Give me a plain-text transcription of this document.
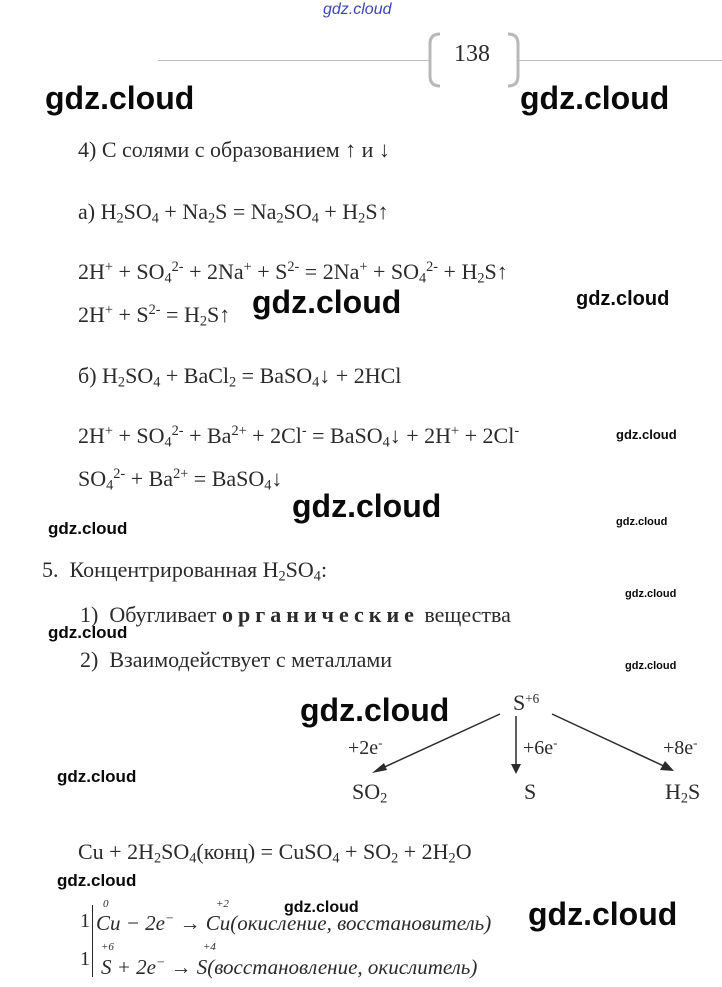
gdz.cloud
gdz.cloud	gdz.cloud
gdz.cloud	gdz.cloud
gdz.cloud
gdz.cloud
gdz.cloud	gdz.cloud
gdz.cloud
gdz.cloud
gdz.cloud
gdz.cloud
gdz.cloud
gdz.cloud
gdz.cloud	gdz.cloud
138
4) С солями с образованием ↑ и ↓
а) $H_2SO_4 + Na_2S = Na_2SO_4$ + $H_2S↑$
$2H^+ + SO_4^{2-} + 2Na^+ + S^{2-} = 2Na^+ + SO_4^{2-}$ + $H_2S↑$
$2H^+ + S^{2-}$ = $H_2S↑$
б) $H_2SO_4$ + BaCl$_2$ = BaSO$_4$↓ + 2HCl
$2H^+ + SO_4^{2-} + Ba^{2+} + 2Cl^-$ = BaSO$_4$↓ + 2H+ + 2Cl-
$SO_4^{2-} + Ba^{2+}$ = BaSO$_4$↓
5. Концентрированная $H_2SO_4$:
1) Обугливает органические вещества
2) Взаимодействует с металлами
$S^{+6}$
+2e-	+6e-	+8e-
$SO_2$	S	$H_2S$
$Cu + 2H_2SO_4(конц)$ = CuSO$_4$ + $SO_2 + 2H_2O$
1
1
0	+2
Cu − 2e− → Cu(окисление, восстановитель)
+6	+4
S + 2e− → S(восстановление, окислитель)
